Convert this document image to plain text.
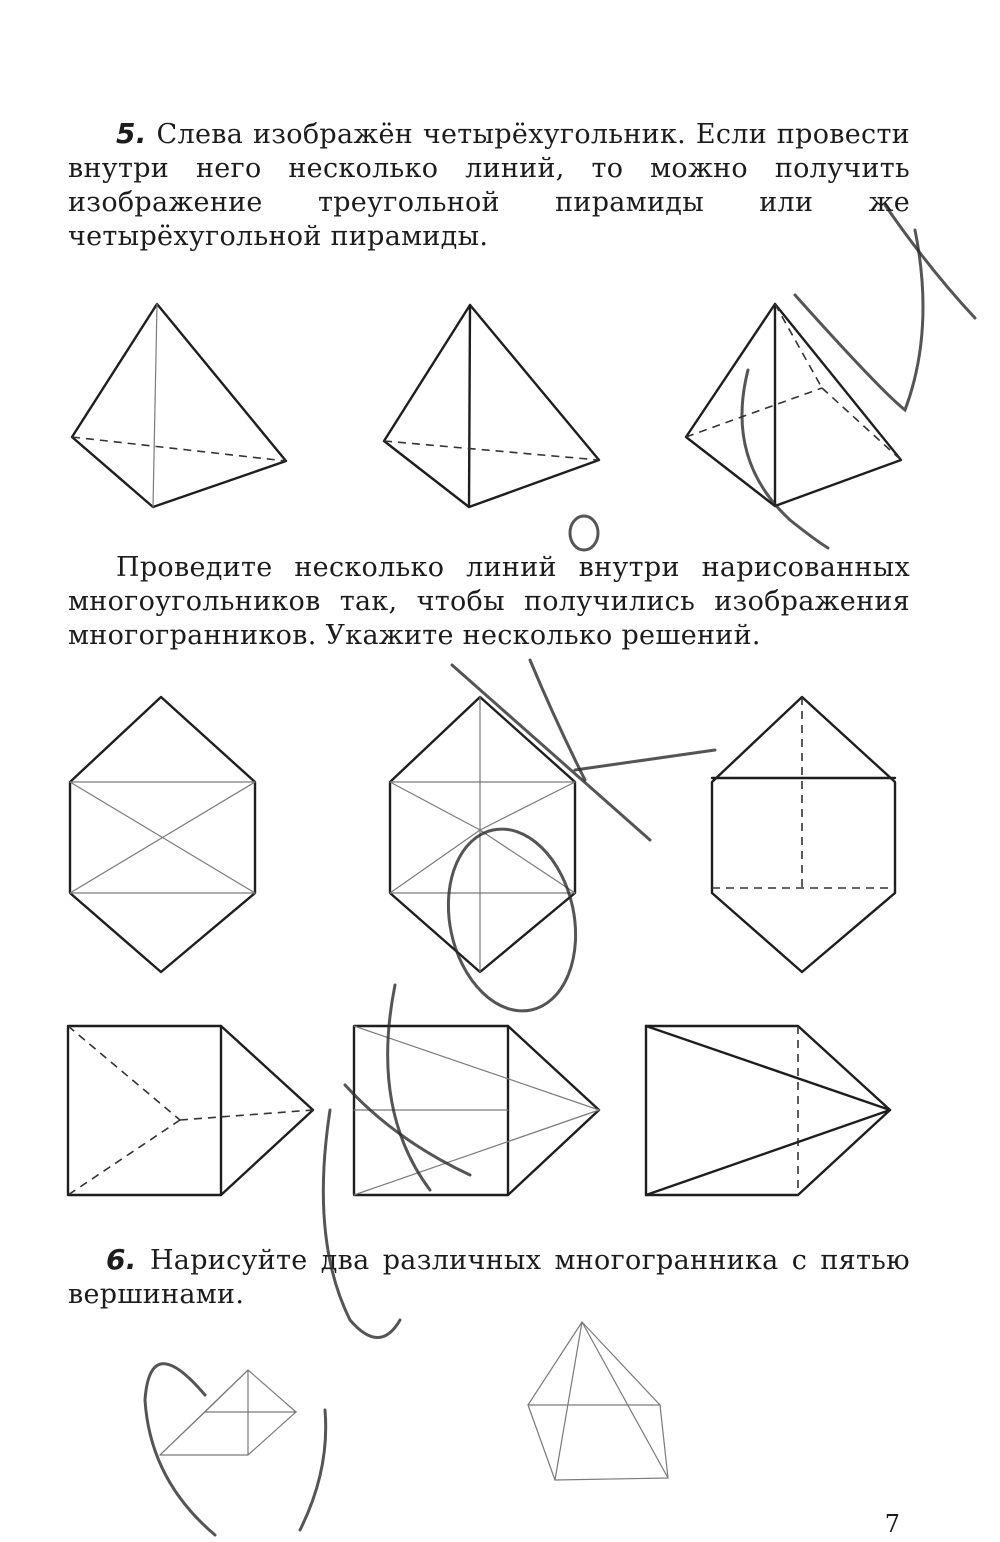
5. Слева изображён четырёхугольник. Если провести внутри него несколько линий, то можно получить изображение треугольной пирамиды или же четырёхугольной пирамиды.

Проведите несколько линий внутри нарисованных многоугольников так, чтобы получились изображения многогранников. Укажите несколько решений.

6. Нарисуйте два различных многогранника с пятью вершинами.

7
